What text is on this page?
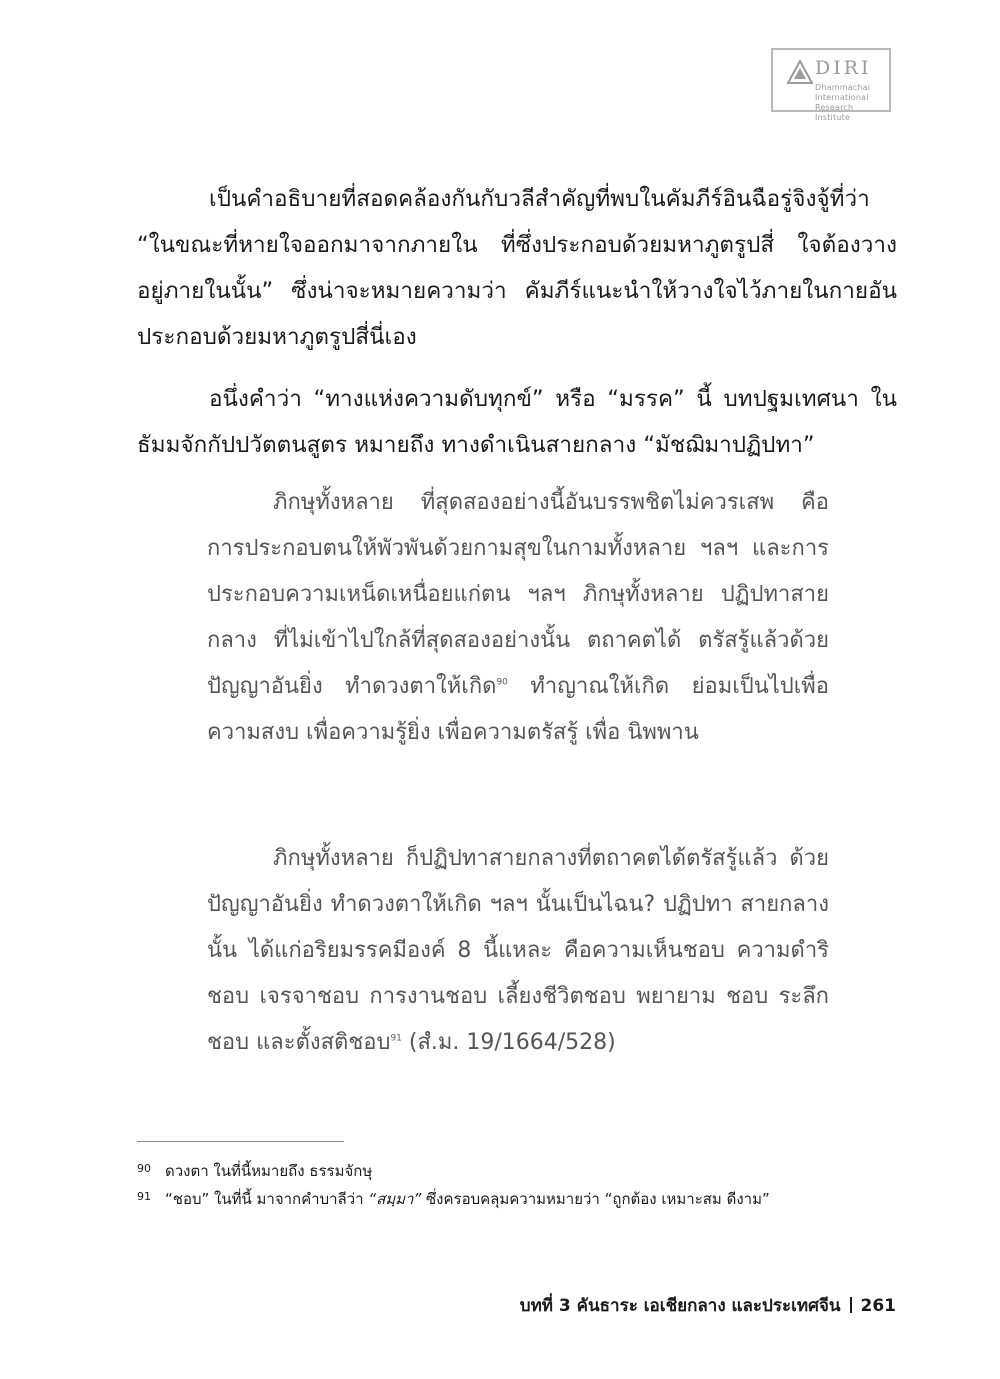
DIRI
Dhammachai International
Research Institute

เป็นคำอธิบายที่สอดคล้องกันกับวลีสำคัญที่พบในคัมภีร์อินฉือรู่จิงจู้ที่ว่า “ในขณะที่หายใจออกมาจากภายใน ที่ซึ่งประกอบด้วยมหาภูตรูปสี่ ใจต้องวาง อยู่ภายในนั้น” ซึ่งน่าจะหมายความว่า คัมภีร์แนะนำให้วางใจไว้ภายในกายอัน ประกอบด้วยมหาภูตรูปสี่นี่เอง

อนึ่งคำว่า “ทางแห่งความดับทุกข์” หรือ “มรรค” นี้ บทปฐมเทศนา ในธัมมจักกัปปวัตตนสูตร หมายถึง ทางดำเนินสายกลาง “มัชฌิมาปฏิปทา”

ภิกษุทั้งหลาย ที่สุดสองอย่างนี้อันบรรพชิตไม่ควรเสพ คือ การประกอบตนให้พัวพันด้วยกามสุขในกามทั้งหลาย ฯลฯ และการประกอบความเหน็ดเหนื่อยแก่ตน ฯลฯ ภิกษุทั้งหลาย ปฏิปทาสายกลาง ที่ไม่เข้าไปใกล้ที่สุดสองอย่างนั้น ตถาคตได้ ตรัสรู้แล้วด้วยปัญญาอันยิ่ง ทำดวงตาให้เกิด$^{90}$ ทำญาณให้เกิด ย่อมเป็นไปเพื่อความสงบ เพื่อความรู้ยิ่ง เพื่อความตรัสรู้ เพื่อ นิพพาน

ภิกษุทั้งหลาย ก็ปฏิปทาสายกลางที่ตถาคตได้ตรัสรู้แล้ว ด้วยปัญญาอันยิ่ง ทำดวงตาให้เกิด ฯลฯ นั้นเป็นไฉน? ปฏิปทา สายกลางนั้น ได้แก่อริยมรรคมีองค์ 8 นี้แหละ คือความเห็นชอบ ความดำริชอบ เจรจาชอบ การงานชอบ เลี้ยงชีวิตชอบ พยายาม ชอบ ระลึกชอบ และตั้งสติชอบ$^{91}$ (สํ.ม. 19/1664/528)

90 ดวงตา ในที่นี้หมายถึง ธรรมจักษุ

91 “ชอบ” ในที่นี้ มาจากคำบาลีว่า “สมฺมา” ซึ่งครอบคลุมความหมายว่า “ถูกต้อง เหมาะสม ดีงาม”

บทที่ 3 คันธาระ เอเชียกลาง และประเทศจีน 261
